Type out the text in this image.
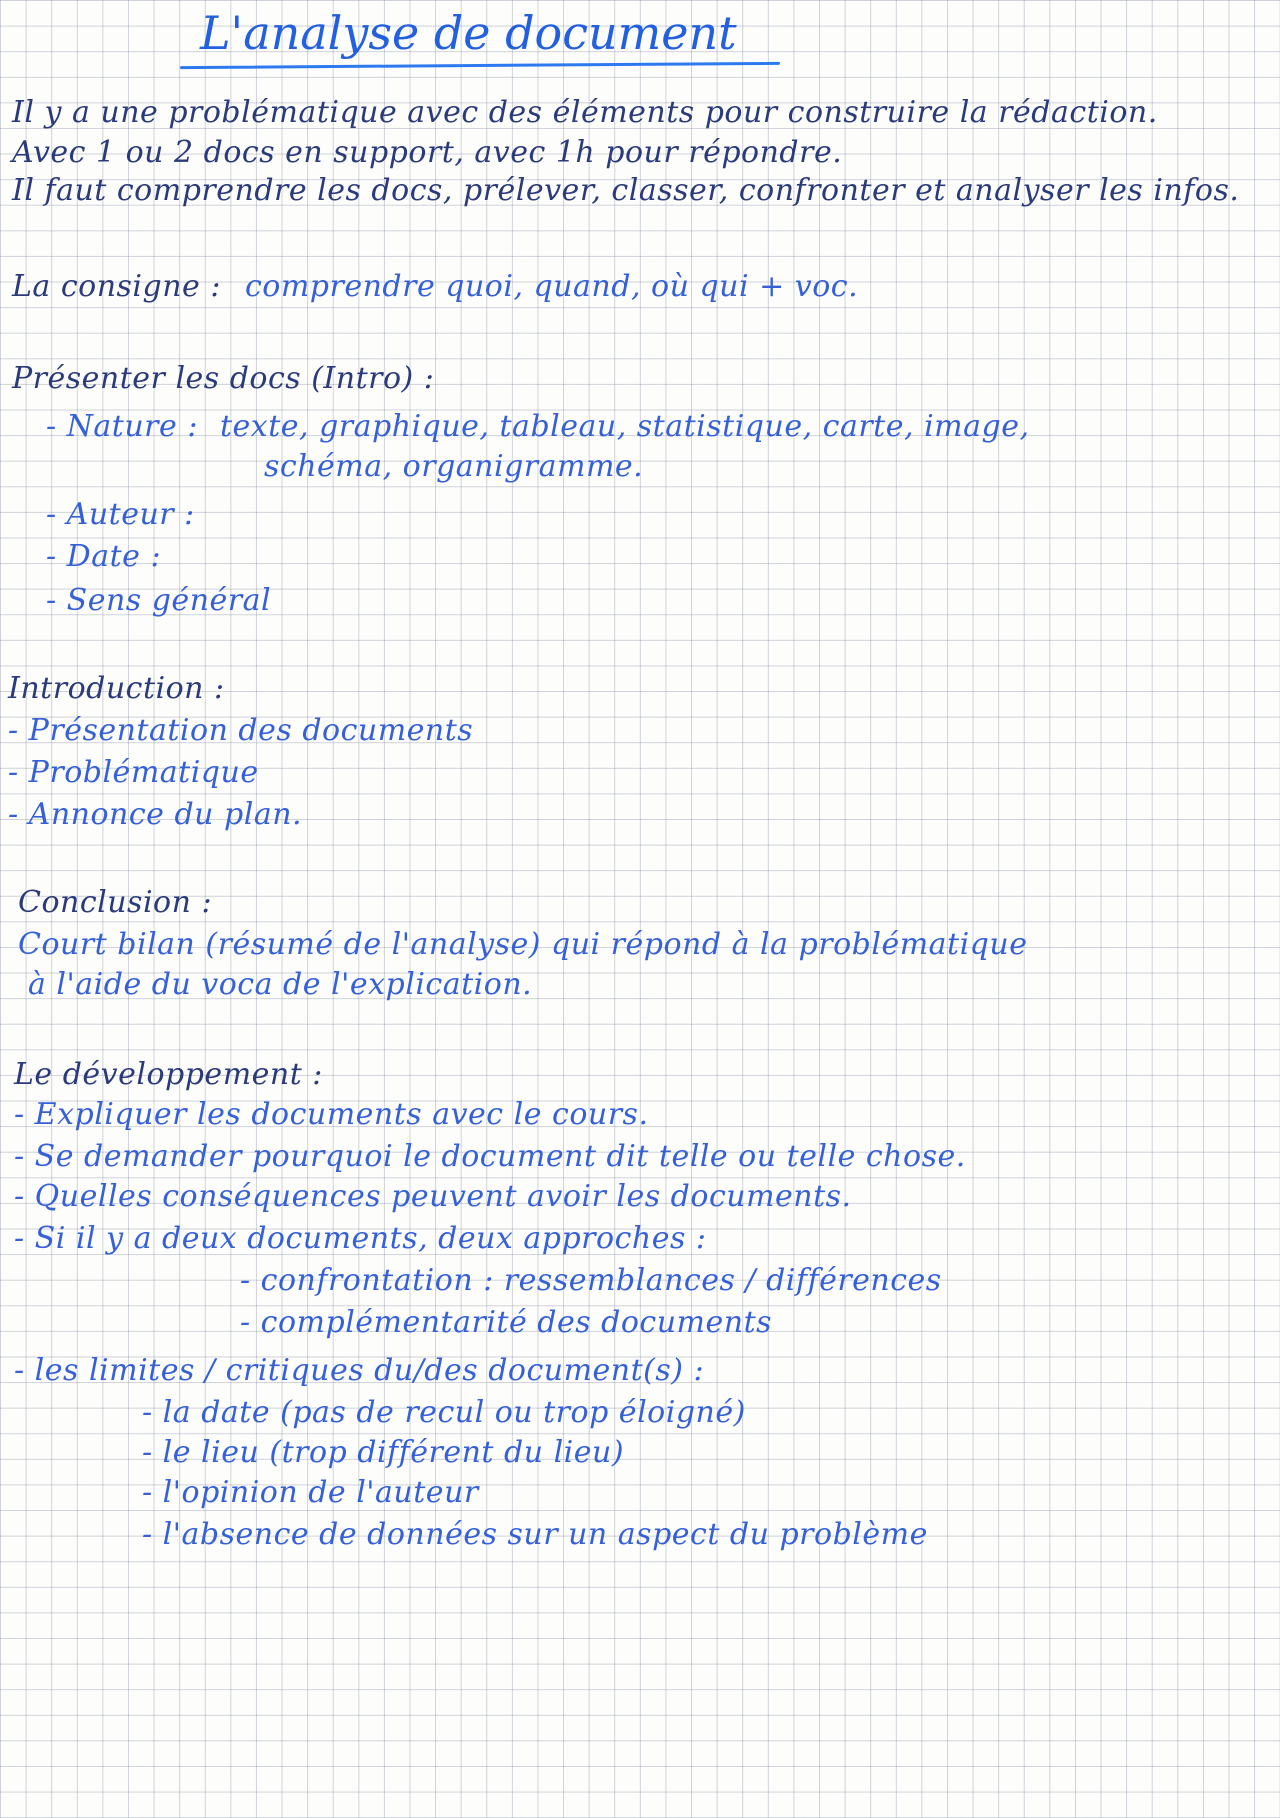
L'analyse de document
Il y a une problématique avec des éléments pour construire la rédaction.
Avec 1 ou 2 docs en support, avec 1h pour répondre.
Il faut comprendre les docs, prélever, classer, confronter et analyser les infos.
La consigne : comprendre quoi, quand, où qui + voc.
Présenter les docs (Intro) :
- Nature : texte, graphique, tableau, statistique, carte, image,
schéma, organigramme.
- Auteur :
- Date :
- Sens général
Introduction :
- Présentation des documents
- Problématique
- Annonce du plan.
Conclusion :
Court bilan (résumé de l'analyse) qui répond à la problématique
à l'aide du voca de l'explication.
Le développement :
- Expliquer les documents avec le cours.
- Se demander pourquoi le document dit telle ou telle chose.
- Quelles conséquences peuvent avoir les documents.
- Si il y a deux documents, deux approches :
- confrontation : ressemblances / différences
- complémentarité des documents
- les limites / critiques du/des document(s) :
- la date (pas de recul ou trop éloigné)
- le lieu (trop différent du lieu)
- l'opinion de l'auteur
- l'absence de données sur un aspect du problème
